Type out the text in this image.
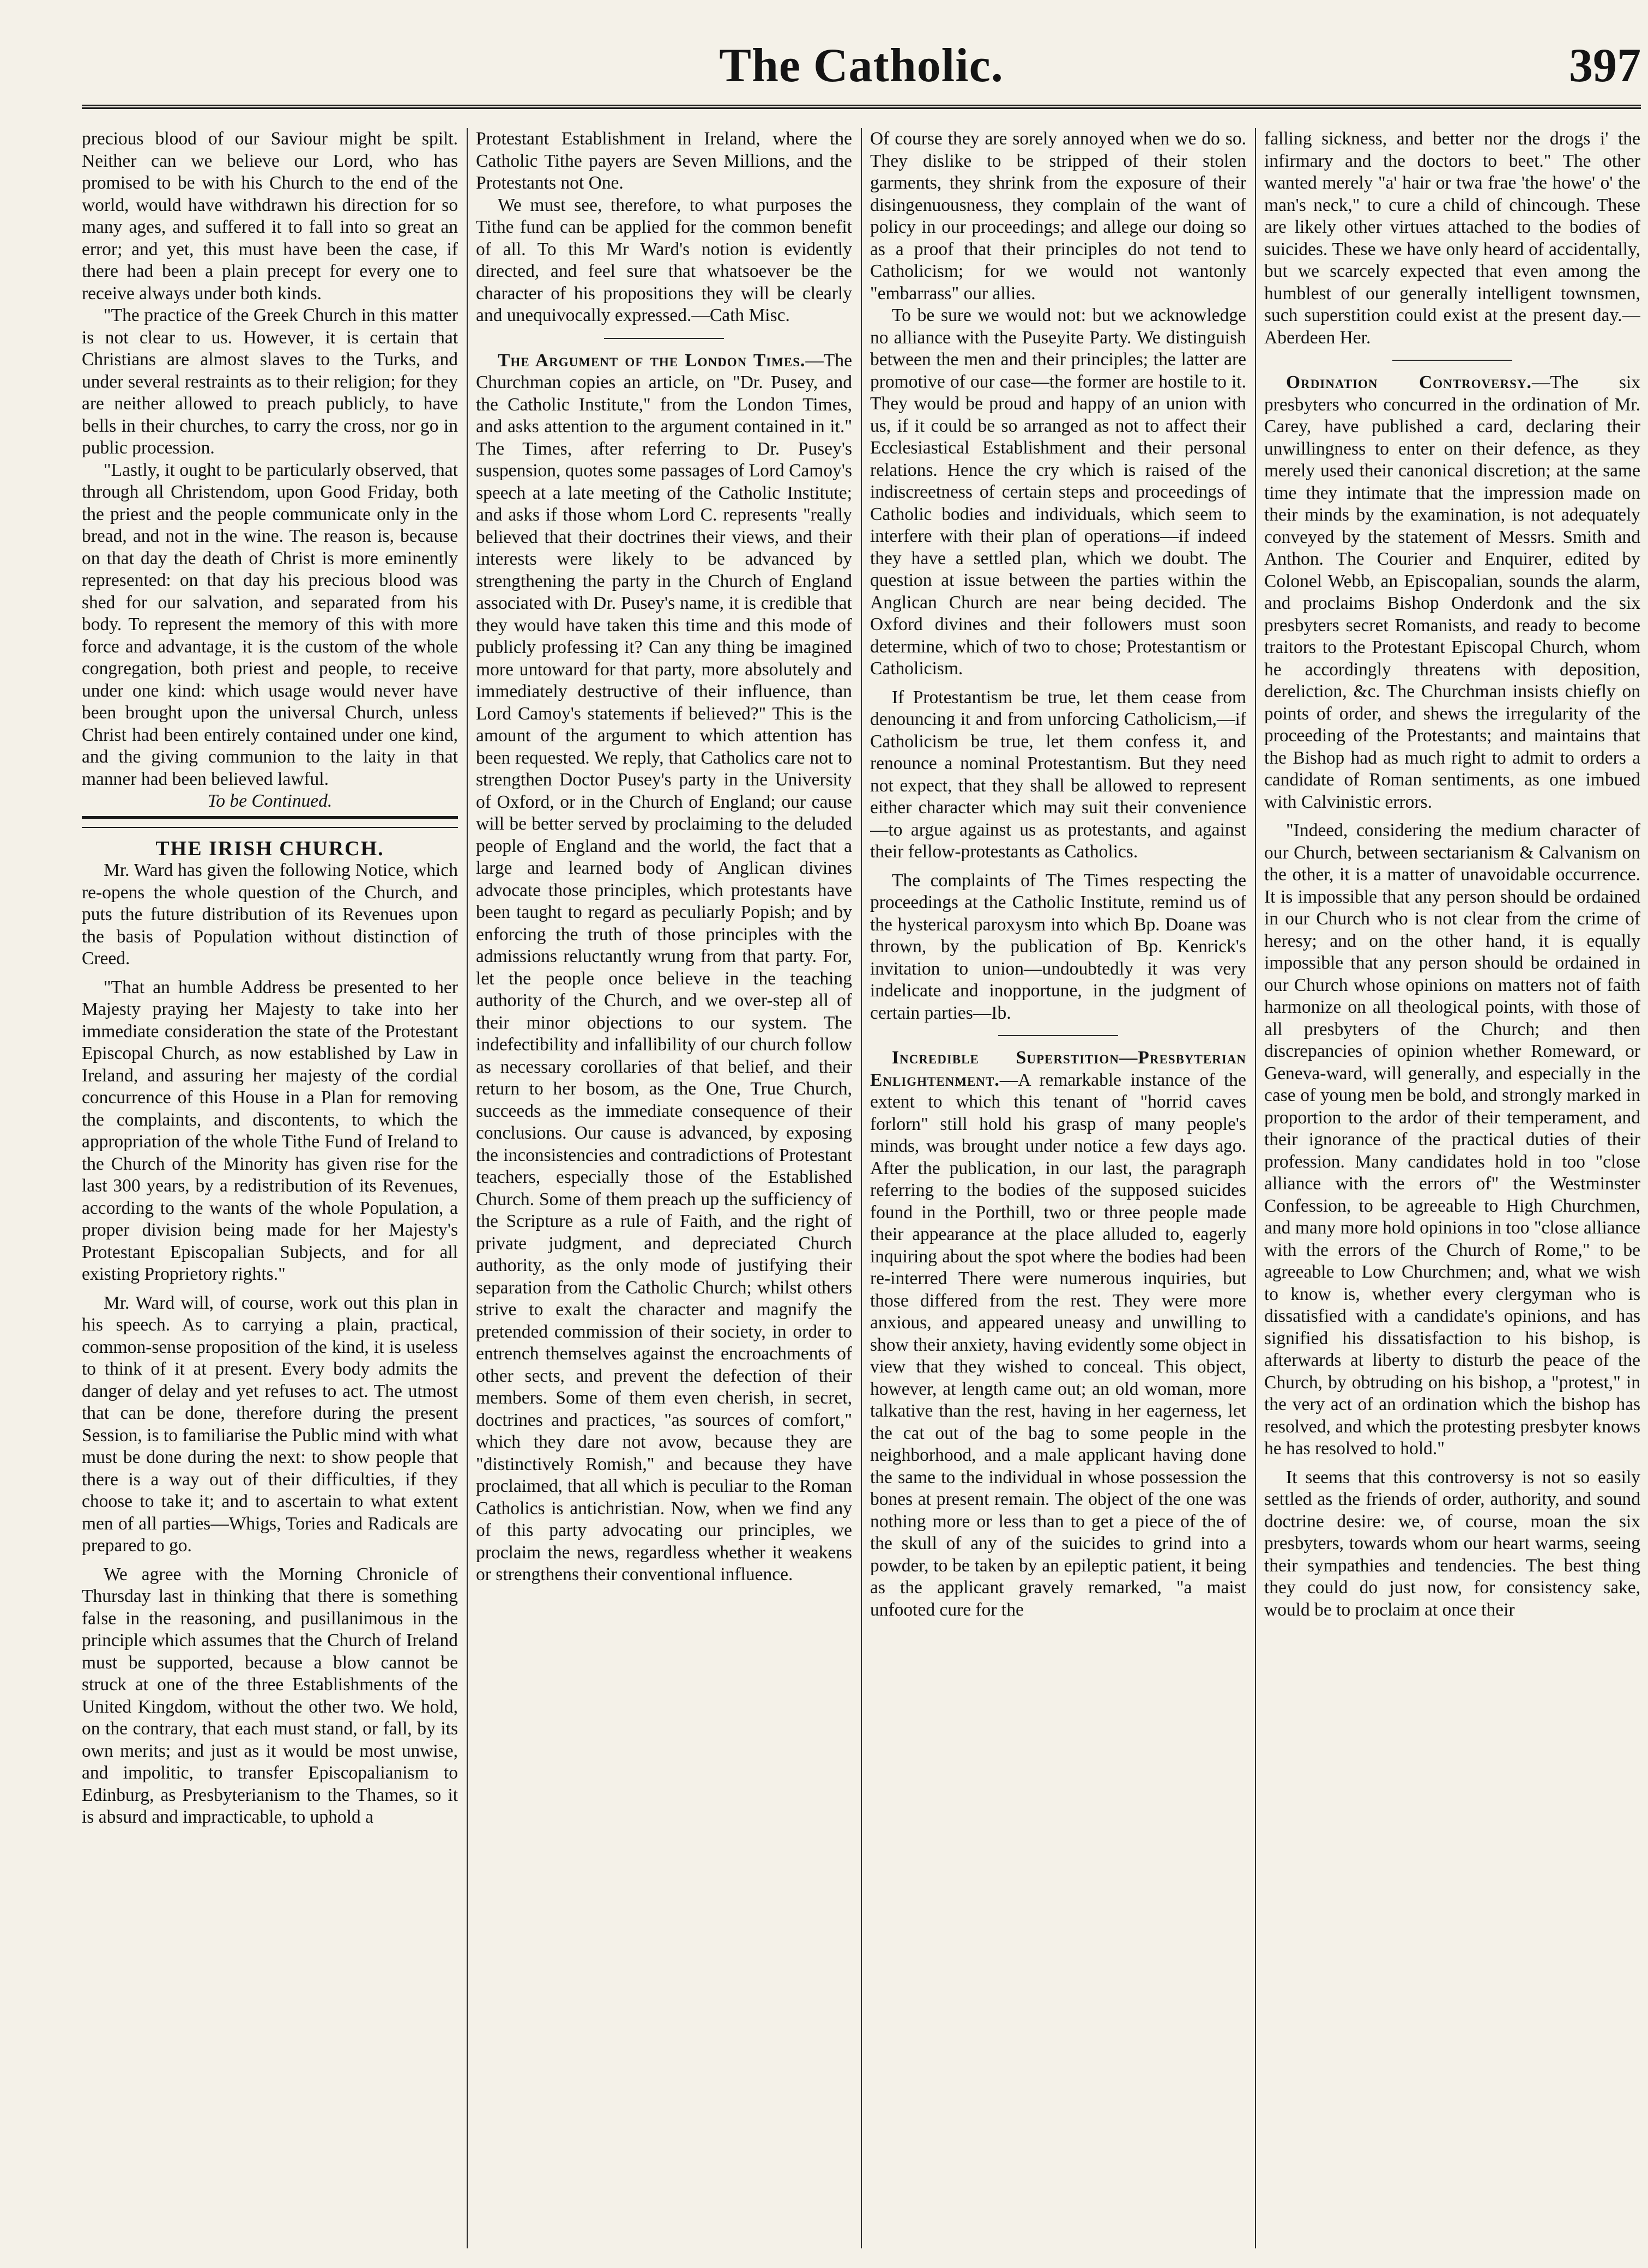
The Catholic.	397

precious blood of our Saviour might be spilt. Neither can we believe our Lord, who has promised to be with his Church to the end of the world, would have withdrawn his direction for so many ages, and suffered it to fall into so great an error; and yet, this must have been the case, if there had been a plain precept for every one to receive always under both kinds.

"The practice of the Greek Church in this matter is not clear to us. However, it is certain that Christians are almost slaves to the Turks, and under several restraints as to their religion; for they are neither allowed to preach publicly, to have bells in their churches, to carry the cross, nor go in public procession.

"Lastly, it ought to be particularly observed, that through all Christendom, upon Good Friday, both the priest and the people communicate only in the bread, and not in the wine. The reason is, because on that day the death of Christ is more eminently represented: on that day his precious blood was shed for our salvation, and separated from his body. To represent the memory of this with more force and advantage, it is the custom of the whole congregation, both priest and people, to receive under one kind: which usage would never have been brought upon the universal Church, unless Christ had been entirely contained under one kind, and the giving communion to the laity in that manner had been believed lawful.

To be Continued.

THE IRISH CHURCH.

Mr. Ward has given the following Notice, which re-opens the whole question of the Church, and puts the future distribution of its Revenues upon the basis of Population without distinction of Creed.

"That an humble Address be presented to her Majesty praying her Majesty to take into her immediate consideration the state of the Protestant Episcopal Church, as now established by Law in Ireland, and assuring her majesty of the cordial concurrence of this House in a Plan for removing the complaints, and discontents, to which the appropriation of the whole Tithe Fund of Ireland to the Church of the Minority has given rise for the last 300 years, by a redistribution of its Revenues, according to the wants of the whole Population, a proper division being made for her Majesty's Protestant Episcopalian Subjects, and for all existing Proprietory rights."

Mr. Ward will, of course, work out this plan in his speech. As to carrying a plain, practical, common-sense proposition of the kind, it is useless to think of it at present. Every body admits the danger of delay and yet refuses to act. The utmost that can be done, therefore during the present Session, is to familiarise the Public mind with what must be done during the next: to show people that there is a way out of their difficulties, if they choose to take it; and to ascertain to what extent men of all parties—Whigs, Tories and Radicals are prepared to go.

We agree with the Morning Chronicle of Thursday last in thinking that there is something false in the reasoning, and pusillanimous in the principle which assumes that the Church of Ireland must be supported, because a blow cannot be struck at one of the three Establishments of the United Kingdom, without the other two. We hold, on the contrary, that each must stand, or fall, by its own merits; and just as it would be most unwise, and impolitic, to transfer Episcopalianism to Edinburg, as Presbyterianism to the Thames, so it is absurd and impracticable, to uphold a

Protestant Establishment in Ireland, where the Catholic Tithe payers are Seven Millions, and the Protestants not One.

We must see, therefore, to what purposes the Tithe fund can be applied for the common benefit of all. To this Mr Ward's notion is evidently directed, and feel sure that whatsoever be the character of his propositions they will be clearly and unequivocally expressed.—Cath Misc.

The Argument of the London Times.—The Churchman copies an article, on "Dr. Pusey, and the Catholic Institute," from the London Times, and asks attention to the argument contained in it." The Times, after referring to Dr. Pusey's suspension, quotes some passages of Lord Camoy's speech at a late meeting of the Catholic Institute; and asks if those whom Lord C. represents "really believed that their doctrines their views, and their interests were likely to be advanced by strengthening the party in the Church of England associated with Dr. Pusey's name, it is credible that they would have taken this time and this mode of publicly professing it? Can any thing be imagined more untoward for that party, more absolutely and immediately destructive of their influence, than Lord Camoy's statements if believed?" This is the amount of the argument to which attention has been requested. We reply, that Catholics care not to strengthen Doctor Pusey's party in the University of Oxford, or in the Church of England; our cause will be better served by proclaiming to the deluded people of England and the world, the fact that a large and learned body of Anglican divines advocate those principles, which protestants have been taught to regard as peculiarly Popish; and by enforcing the truth of those principles with the admissions reluctantly wrung from that party. For, let the people once believe in the teaching authority of the Church, and we over-step all of their minor objections to our system. The indefectibility and infallibility of our church follow as necessary corollaries of that belief, and their return to her bosom, as the One, True Church, succeeds as the immediate consequence of their conclusions. Our cause is advanced, by exposing the inconsistencies and contradictions of Protestant teachers, especially those of the Established Church. Some of them preach up the sufficiency of the Scripture as a rule of Faith, and the right of private judgment, and depreciated Church authority, as the only mode of justifying their separation from the Catholic Church; whilst others strive to exalt the character and magnify the pretended commission of their society, in order to entrench themselves against the encroachments of other sects, and prevent the defection of their members. Some of them even cherish, in secret, doctrines and practices, "as sources of comfort," which they dare not avow, because they are "distinctively Romish," and because they have proclaimed, that all which is peculiar to the Roman Catholics is antichristian. Now, when we find any of this party advocating our principles, we proclaim the news, regardless whether it weakens or strengthens their conventional influence.

Of course they are sorely annoyed when we do so. They dislike to be stripped of their stolen garments, they shrink from the exposure of their disingenuousness, they complain of the want of policy in our proceedings; and allege our doing so as a proof that their principles do not tend to Catholicism; for we would not wantonly "embarrass" our allies.

To be sure we would not: but we acknowledge no alliance with the Puseyite Party. We distinguish between the men and their principles; the latter are promotive of our case—the former are hostile to it. They would be proud and happy of an union with us, if it could be so arranged as not to affect their Ecclesiastical Establishment and their personal relations. Hence the cry which is raised of the indiscreetness of certain steps and proceedings of Catholic bodies and individuals, which seem to interfere with their plan of operations—if indeed they have a settled plan, which we doubt. The question at issue between the parties within the Anglican Church are near being decided. The Oxford divines and their followers must soon determine, which of two to chose; Protestantism or Catholicism.

If Protestantism be true, let them cease from denouncing it and from unforcing Catholicism,—if Catholicism be true, let them confess it, and renounce a nominal Protestantism. But they need not expect, that they shall be allowed to represent either character which may suit their convenience—to argue against us as protestants, and against their fellow-protestants as Catholics.

The complaints of The Times respecting the proceedings at the Catholic Institute, remind us of the hysterical paroxysm into which Bp. Doane was thrown, by the publication of Bp. Kenrick's invitation to union—undoubtedly it was very indelicate and inopportune, in the judgment of certain parties—Ib.

Incredible Superstition—Presbyterian Enlightenment.—A remarkable instance of the extent to which this tenant of "horrid caves forlorn" still hold his grasp of many people's minds, was brought under notice a few days ago. After the publication, in our last, the paragraph referring to the bodies of the supposed suicides found in the Porthill, two or three people made their appearance at the place alluded to, eagerly inquiring about the spot where the bodies had been re-interred There were numerous inquiries, but those differed from the rest. They were more anxious, and appeared uneasy and unwilling to show their anxiety, having evidently some object in view that they wished to conceal. This object, however, at length came out; an old woman, more talkative than the rest, having in her eagerness, let the cat out of the bag to some people in the neighborhood, and a male applicant having done the same to the individual in whose possession the bones at present remain. The object of the one was nothing more or less than to get a piece of the of the skull of any of the suicides to grind into a powder, to be taken by an epileptic patient, it being as the applicant gravely remarked, "a maist unfooted cure for the

falling sickness, and better nor the drogs i' the infirmary and the doctors to beet." The other wanted merely "a' hair or twa frae 'the howe' o' the man's neck," to cure a child of chincough. These are likely other virtues attached to the bodies of suicides. These we have only heard of accidentally, but we scarcely expected that even among the humblest of our generally intelligent townsmen, such superstition could exist at the present day.—Aberdeen Her.

Ordination Controversy.—The six presbyters who concurred in the ordination of Mr. Carey, have published a card, declaring their unwillingness to enter on their defence, as they merely used their canonical discretion; at the same time they intimate that the impression made on their minds by the examination, is not adequately conveyed by the statement of Messrs. Smith and Anthon. The Courier and Enquirer, edited by Colonel Webb, an Episcopalian, sounds the alarm, and proclaims Bishop Onderdonk and the six presbyters secret Romanists, and ready to become traitors to the Protestant Episcopal Church, whom he accordingly threatens with deposition, dereliction, &c. The Churchman insists chiefly on points of order, and shews the irregularity of the proceeding of the Protestants; and maintains that the Bishop had as much right to admit to orders a candidate of Roman sentiments, as one imbued with Calvinistic errors.

"Indeed, considering the medium character of our Church, between sectarianism & Calvanism on the other, it is a matter of unavoidable occurrence. It is impossible that any person should be ordained in our Church who is not clear from the crime of heresy; and on the other hand, it is equally impossible that any person should be ordained in our Church whose opinions on matters not of faith harmonize on all theological points, with those of all presbyters of the Church; and then discrepancies of opinion whether Romeward, or Geneva-ward, will generally, and especially in the case of young men be bold, and strongly marked in proportion to the ardor of their temperament, and their ignorance of the practical duties of their profession. Many candidates hold in too "close alliance with the errors of" the Westminster Confession, to be agreeable to High Churchmen, and many more hold opinions in too "close alliance with the errors of the Church of Rome," to be agreeable to Low Churchmen; and, what we wish to know is, whether every clergyman who is dissatisfied with a candidate's opinions, and has signified his dissatisfaction to his bishop, is afterwards at liberty to disturb the peace of the Church, by obtruding on his bishop, a "protest," in the very act of an ordination which the bishop has resolved, and which the protesting presbyter knows he has resolved to hold."

It seems that this controversy is not so easily settled as the friends of order, authority, and sound doctrine desire: we, of course, moan the six presbyters, towards whom our heart warms, seeing their sympathies and tendencies. The best thing they could do just now, for consistency sake, would be to proclaim at once their
